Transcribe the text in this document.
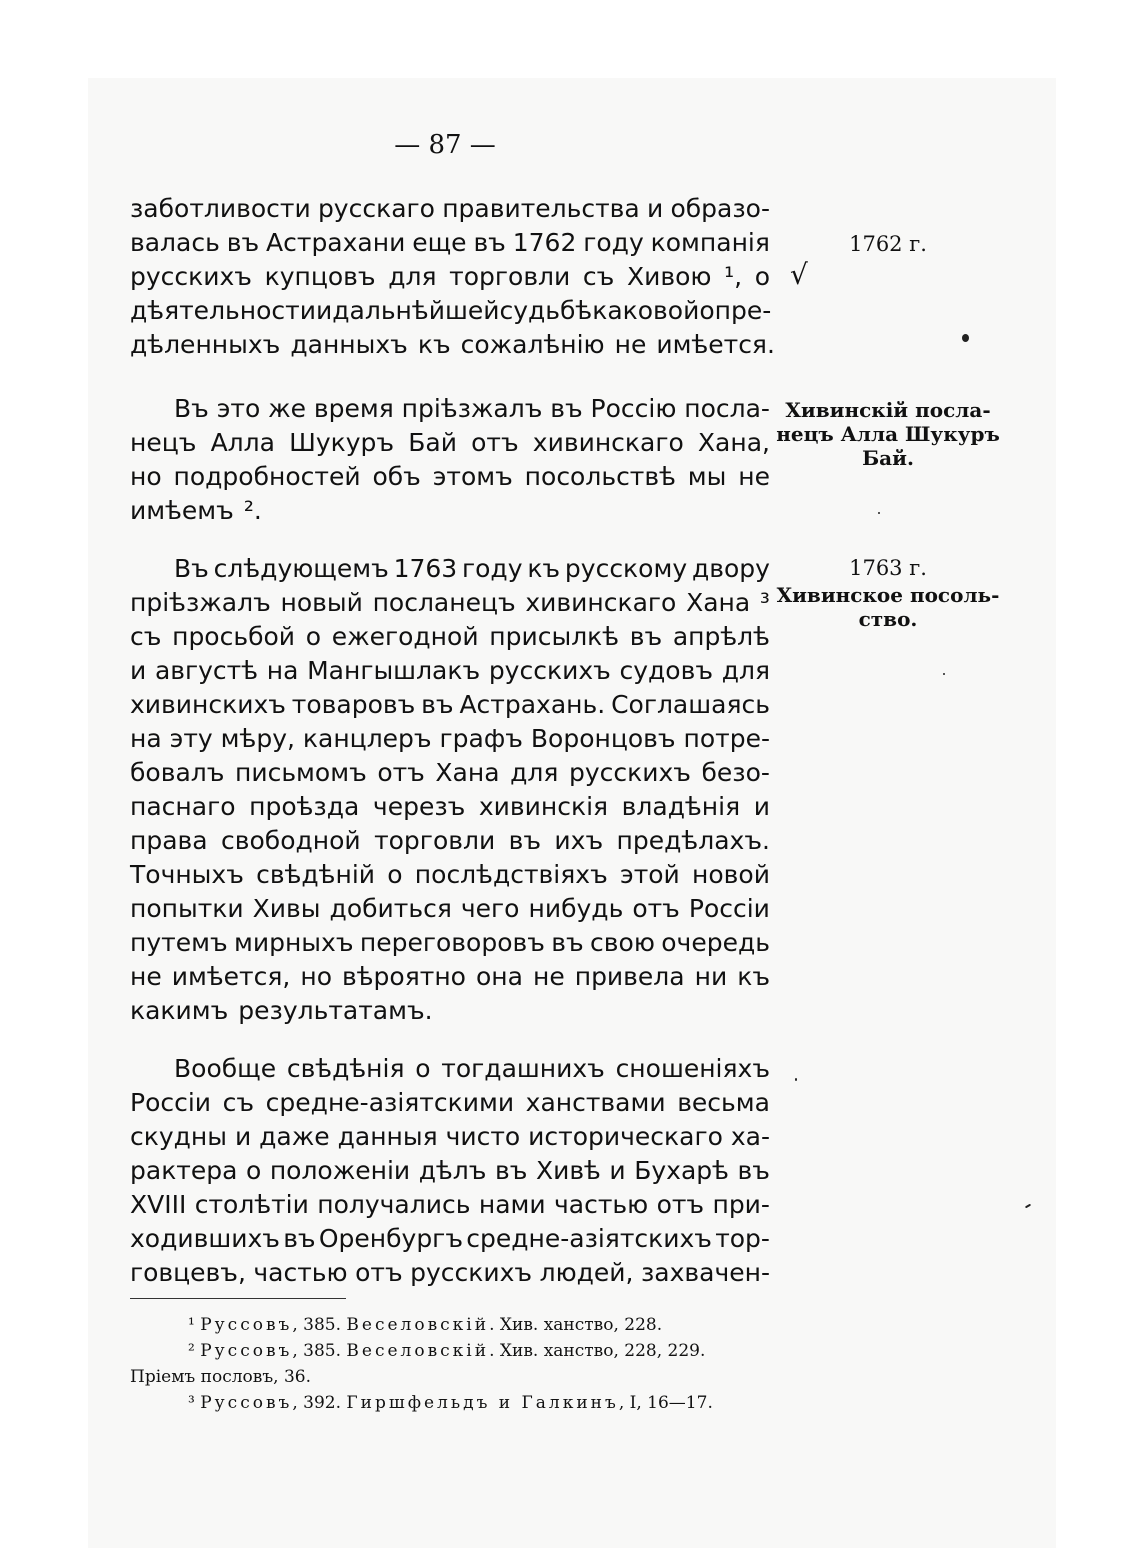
— 87 —
заботливости русскаго правительства и образо-
валась въ Астрахани еще въ 1762 году компанія
русскихъ купцовъ для торговли съ Хивою ¹, о
дѣятельности и дальнѣйшей судьбѣ каковой опре-
дѣленныхъ данныхъ къ сожалѣнію не имѣется.
Въ это же время пріѣзжалъ въ Россію посла-
нецъ Алла Шукуръ Бай отъ хивинскаго Хана,
но подробностей объ этомъ посольствѣ мы не
имѣемъ ².
Въ слѣдующемъ 1763 году къ русскому двору
пріѣзжалъ новый посланецъ хивинскаго Хана ³
съ просьбой о ежегодной присылкѣ въ апрѣлѣ
и августѣ на Мангышлакъ русскихъ судовъ для
хивинскихъ товаровъ въ Астрахань. Соглашаясь
на эту мѣру, канцлеръ графъ Воронцовъ потре-
бовалъ письмомъ отъ Хана для русскихъ безо-
паснаго проѣзда черезъ хивинскія владѣнія и
права свободной торговли въ ихъ предѣлахъ.
Точныхъ свѣдѣній о послѣдствіяхъ этой новой
попытки Хивы добиться чего нибудь отъ Россіи
путемъ мирныхъ переговоровъ въ свою очередь
не имѣется, но вѣроятно она не привела ни къ
какимъ результатамъ.
Вообще свѣдѣнія о тогдашнихъ сношеніяхъ
Россіи съ средне-азіятскими ханствами весьма
скудны и даже данныя чисто историческаго ха-
рактера о положеніи дѣлъ въ Хивѣ и Бухарѣ въ
XVIII столѣтіи получались нами частью отъ при-
ходившихъ въ Оренбургъ средне-азіятскихъ тор-
говцевъ, частью отъ русскихъ людей, захвачен-
1762 г.
√
Хивинскій посла-
нецъ Алла Шукуръ
Бай.
1763 г.
Хивинское посоль-
ство.
¹ Руссовъ, 385. Веселовскій. Хив. ханство, 228.
² Руссовъ, 385. Веселовскій. Хив. ханство, 228, 229.
Пріемъ пословъ, 36.
³ Руссовъ, 392. Гиршфельдъ и Галкинъ, I, 16—17.
